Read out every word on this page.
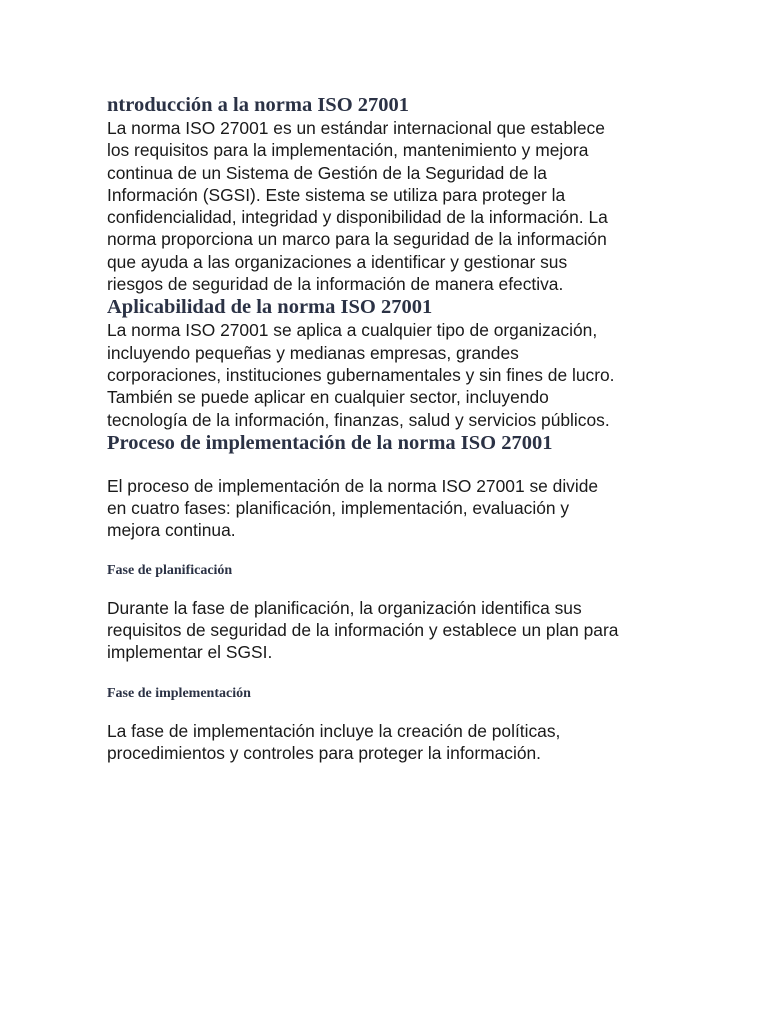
ntroducción a la norma ISO 27001

La norma ISO 27001 es un estándar internacional que establece
los requisitos para la implementación, mantenimiento y mejora
continua de un Sistema de Gestión de la Seguridad de la
Información (SGSI). Este sistema se utiliza para proteger la
confidencialidad, integridad y disponibilidad de la información. La
norma proporciona un marco para la seguridad de la información
que ayuda a las organizaciones a identificar y gestionar sus
riesgos de seguridad de la información de manera efectiva.

Aplicabilidad de la norma ISO 27001

La norma ISO 27001 se aplica a cualquier tipo de organización,
incluyendo pequeñas y medianas empresas, grandes
corporaciones, instituciones gubernamentales y sin fines de lucro.
También se puede aplicar en cualquier sector, incluyendo
tecnología de la información, finanzas, salud y servicios públicos.

Proceso de implementación de la norma ISO 27001

El proceso de implementación de la norma ISO 27001 se divide
en cuatro fases: planificación, implementación, evaluación y
mejora continua.

Fase de planificación

Durante la fase de planificación, la organización identifica sus
requisitos de seguridad de la información y establece un plan para
implementar el SGSI.

Fase de implementación

La fase de implementación incluye la creación de políticas,
procedimientos y controles para proteger la información.
